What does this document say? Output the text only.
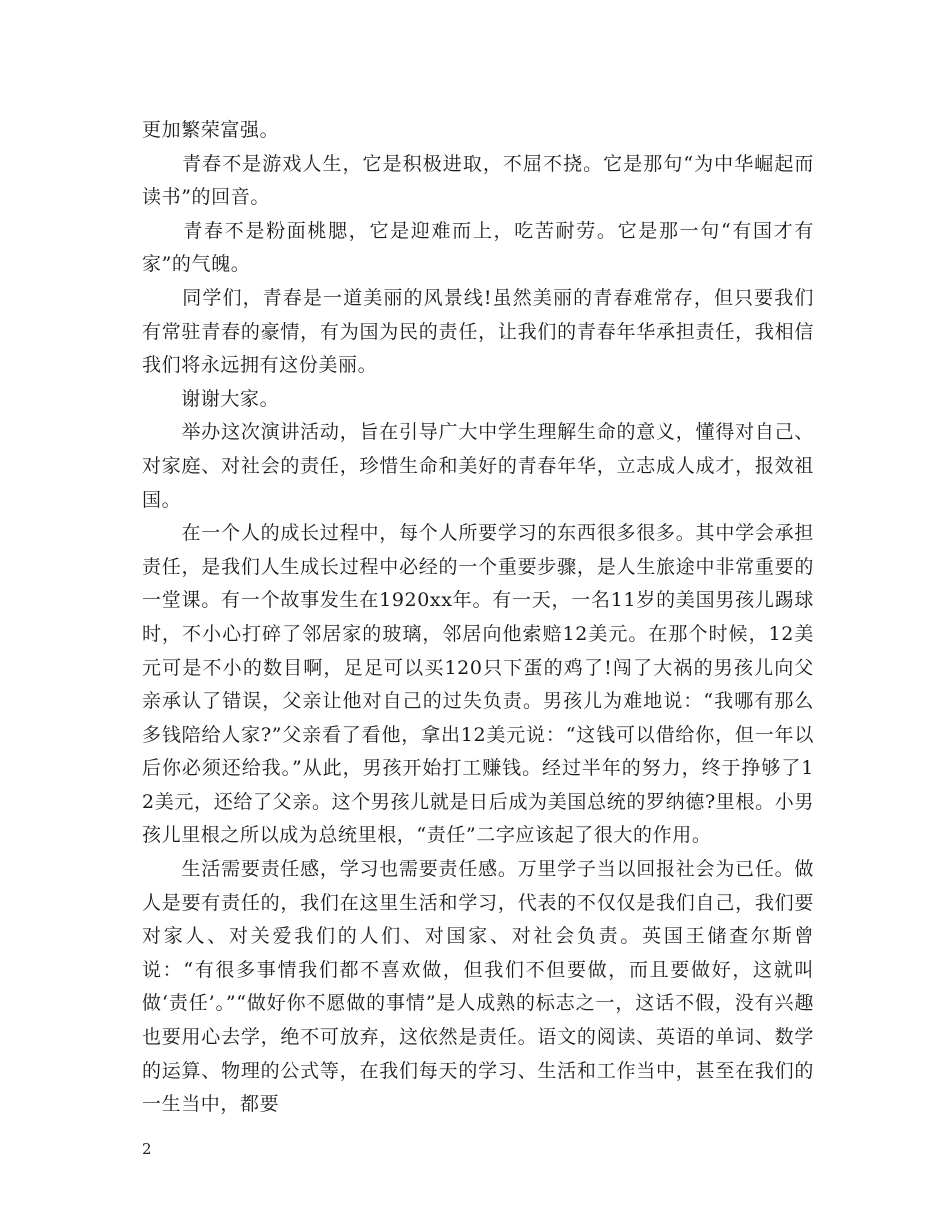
更加繁荣富强。

　　青春不是游戏人生，它是积极进取，不屈不挠。它是那句“为中华崛起而读书”的回音。

　　青春不是粉面桃腮，它是迎难而上，吃苦耐劳。它是那一句“有国才有家”的气魄。

　　同学们，青春是一道美丽的风景线!虽然美丽的青春难常存，但只要我们有常驻青春的豪情，有为国为民的责任，让我们的青春年华承担责任，我相信我们将永远拥有这份美丽。

　　谢谢大家。

　　举办这次演讲活动，旨在引导广大中学生理解生命的意义，懂得对自己、对家庭、对社会的责任，珍惜生命和美好的青春年华，立志成人成才，报效祖国。

　　在一个人的成长过程中，每个人所要学习的东西很多很多。其中学会承担责任，是我们人生成长过程中必经的一个重要步骤，是人生旅途中非常重要的一堂课。有一个故事发生在1920xx年。有一天，一名11岁的美国男孩儿踢球时，不小心打碎了邻居家的玻璃，邻居向他索赔12美元。在那个时候，12美元可是不小的数目啊，足足可以买120只下蛋的鸡了!闯了大祸的男孩儿向父亲承认了错误，父亲让他对自己的过失负责。男孩儿为难地说：“我哪有那么多钱陪给人家?”父亲看了看他，拿出12美元说：“这钱可以借给你，但一年以后你必须还给我。”从此，男孩开始打工赚钱。经过半年的努力，终于挣够了12美元，还给了父亲。这个男孩儿就是日后成为美国总统的罗纳德?里根。小男孩儿里根之所以成为总统里根，“责任”二字应该起了很大的作用。

　　生活需要责任感，学习也需要责任感。万里学子当以回报社会为已任。做人是要有责任的，我们在这里生活和学习，代表的不仅仅是我们自己，我们要对家人、对关爱我们的人们、对国家、对社会负责。英国王储查尔斯曾说：“有很多事情我们都不喜欢做，但我们不但要做，而且要做好，这就叫做‘责任’。”“做好你不愿做的事情”是人成熟的标志之一，这话不假，没有兴趣也要用心去学，绝不可放弃，这依然是责任。语文的阅读、英语的单词、数学的运算、物理的公式等，在我们每天的学习、生活和工作当中，甚至在我们的一生当中，都要

2
